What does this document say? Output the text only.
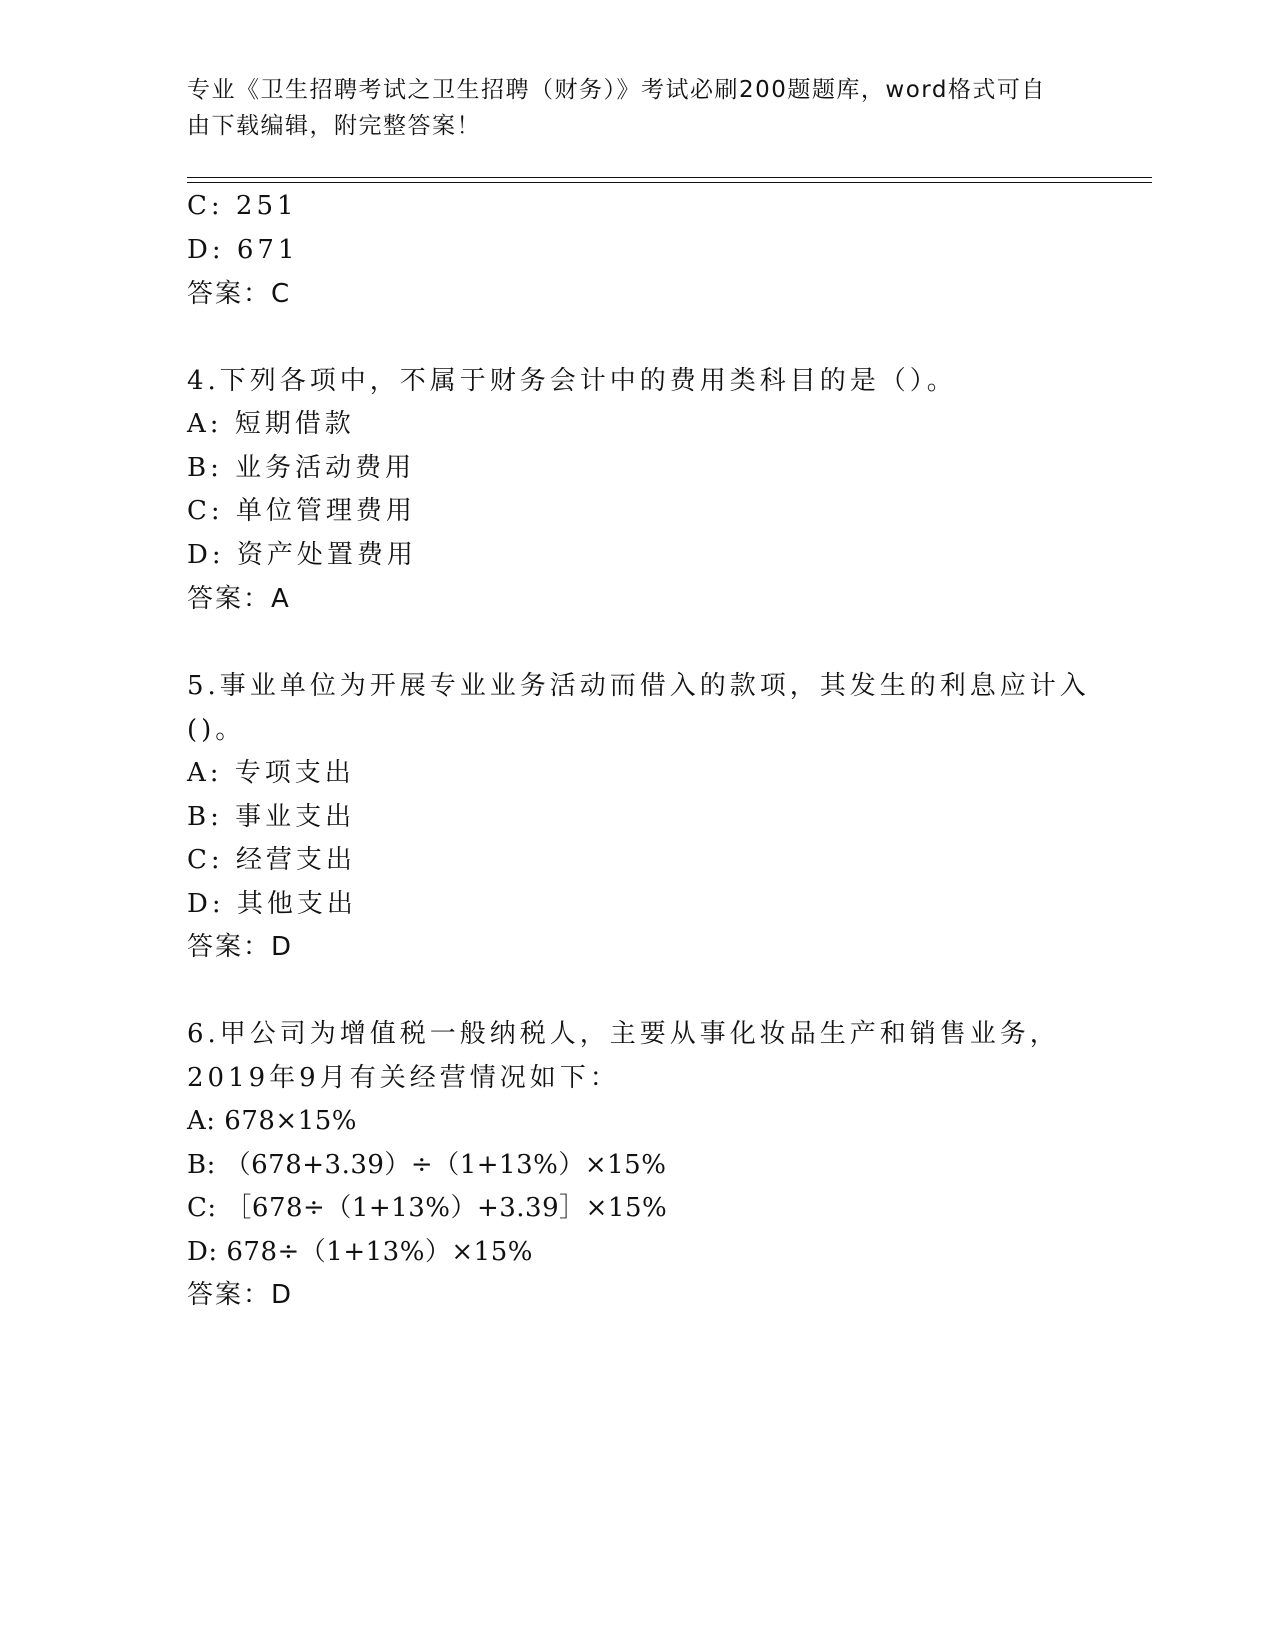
专业《卫生招聘考试之卫生招聘（财务）》考试必刷200题题库，word格式可自
由下载编辑，附完整答案！
C: 251
D: 671
答案：C
4.下列各项中，不属于财务会计中的费用类科目的是（）。
A: 短期借款
B: 业务活动费用
C: 单位管理费用
D: 资产处置费用
答案：A
5.事业单位为开展专业业务活动而借入的款项，其发生的利息应计入
()。
A: 专项支出
B: 事业支出
C: 经营支出
D: 其他支出
答案：D
6.甲公司为增值税一般纳税人，主要从事化妆品生产和销售业务，
2019年9月有关经营情况如下：
A: 678×15%
B: （678+3.39）÷（1+13%）×15%
C: ［678÷（1+13%）+3.39］×15%
D: 678÷（1+13%）×15%
答案：D
